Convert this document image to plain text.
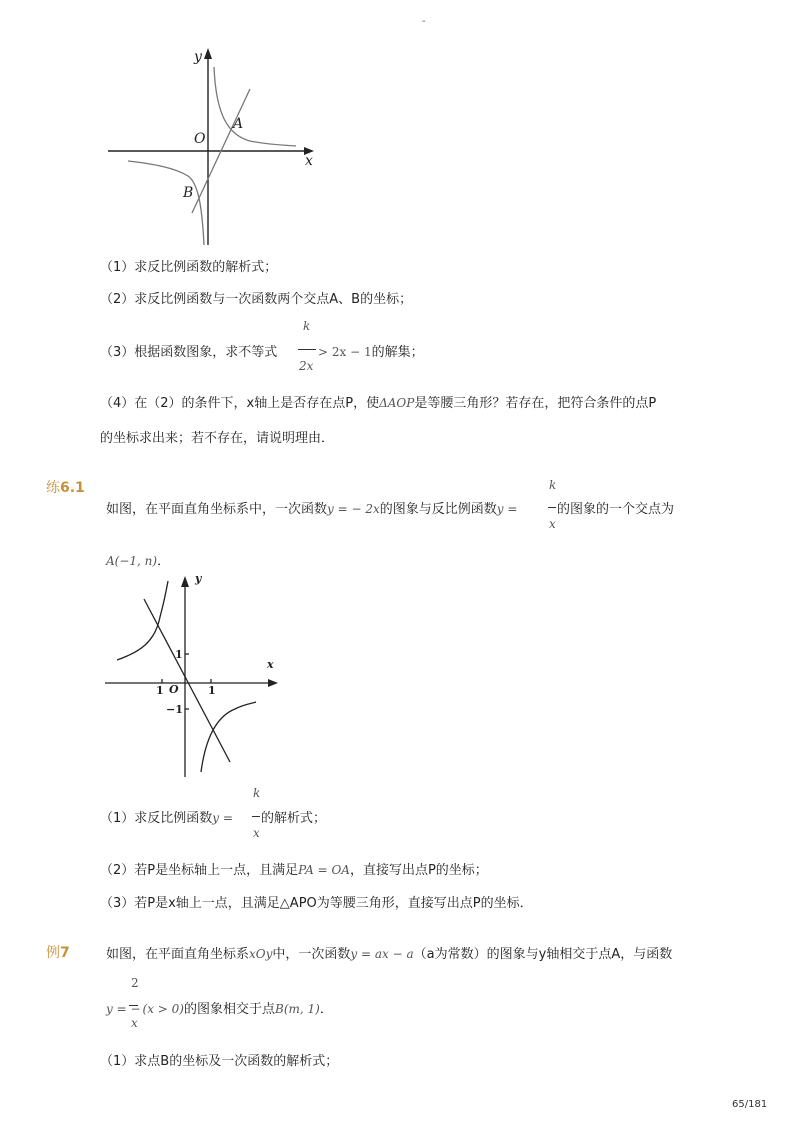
-
y
x
O
A
B
（1）求反比例函数的解析式；
（2）求反比例函数与一次函数两个交点A、B的坐标；
（3）根据函数图象，求不等式
k
2x
> 2x − 1的解集；
（4）在（2）的条件下，x轴上是否存在点P，使ΔAOP是等腰三角形？若存在，把符合条件的点P
的坐标求出来；若不存在，请说明理由．
练6.1
如图，在平面直角坐标系中，一次函数y = − 2x的图象与反比例函数y =
k
x
的图象的一个交点为
A(−1, n)．
y
x
O
1	1
1
−1
（1）求反比例函数y =
k
x
的解析式；
（2）若P是坐标轴上一点，且满足PA = OA，直接写出点P的坐标；
（3）若P是x轴上一点，且满足△APO为等腰三角形，直接写出点P的坐标．
例7	如图，在平面直角坐标系xOy中，一次函数y = ax − a（a为常数）的图象与y轴相交于点A，与函数
2
x
y = − (x > 0)的图象相交于点B(m, 1)．
（1）求点B的坐标及一次函数的解析式；
65/181
